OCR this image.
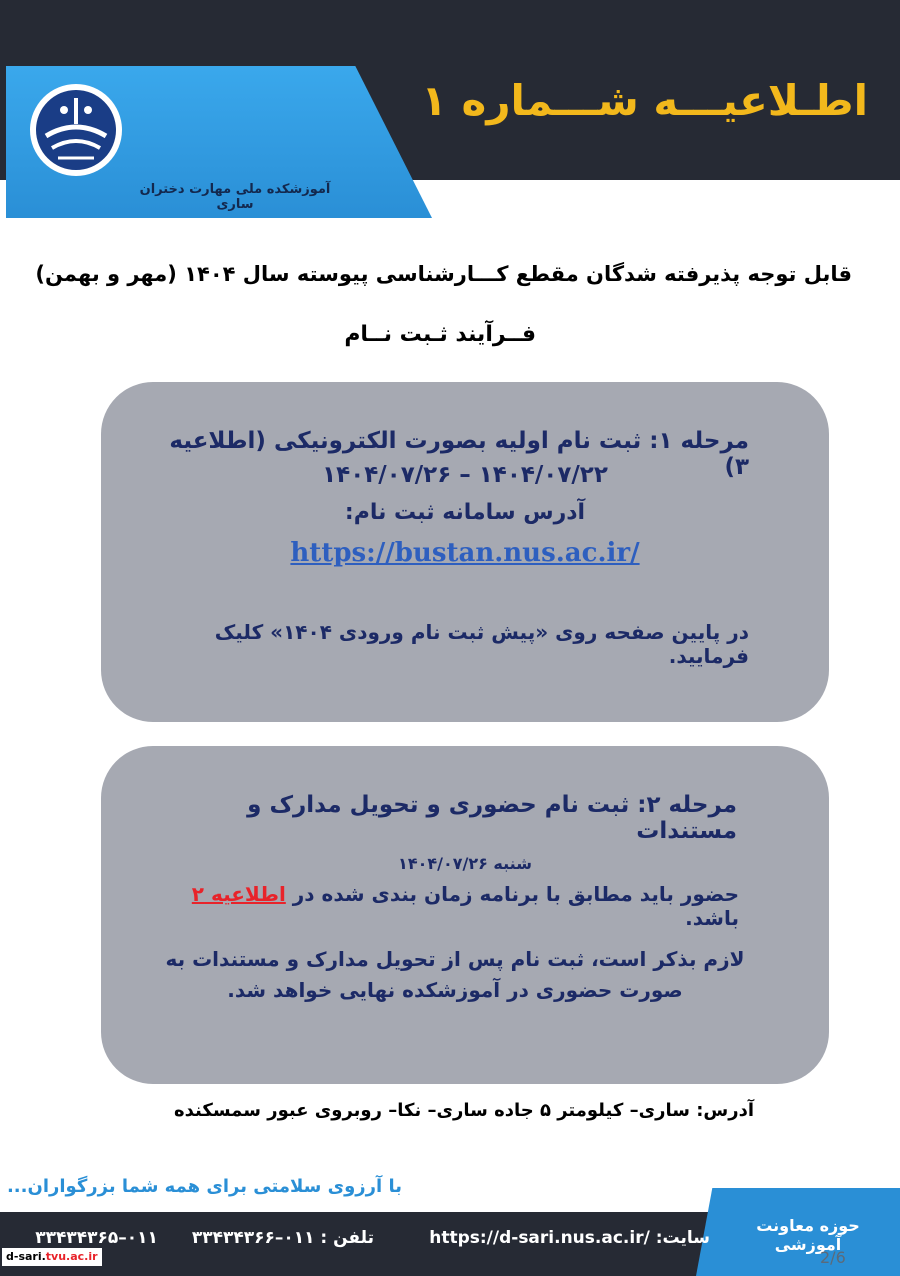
اطـلاعیـــه شـــماره ۱
آموزشکده ملی مهارت دختران ساری
قابل توجه پذیرفته شدگان مقطع کـــارشناسی پیوسته سال ۱۴۰۴ (مهر و بهمن)
فــرآیند ثـبت نــام
مرحله ۱: ثبت نام اولیه بصورت الکترونیکی (اطلاعیه ۳)
۱۴۰۴/۰۷/۲۲ – ۱۴۰۴/۰۷/۲۶
آدرس سامانه ثبت نام:
https://bustan.nus.ac.ir/
در پایین صفحه روی «پیش ثبت نام ورودی ۱۴۰۴» کلیک فرمایید.
مرحله ۲: ثبت نام حضوری و تحویل مدارک و مستندات
شنبه ۱۴۰۴/۰۷/۲۶
حضور باید مطابق با برنامه زمان بندی شده در اطلاعیه ۲ باشد.
لازم بذکر است، ثبت نام پس از تحویل مدارک و مستندات به صورت حضوری در آموزشکده نهایی خواهد شد.
آدرس: ساری– کیلومتر ۵ جاده ساری– نکا– روبروی عبور سمسکنده
با آرزوی سلامتی برای همه شما بزرگواران...
حوزه معاونت آموزشی
2/6
سایت: https://d-sari.nus.ac.ir/
تلفن : ۰۱۱–۳۳۴۳۴۳۶۶ ۰۱۱–۳۳۴۳۴۳۶۵
d-sari.tvu.ac.ir
